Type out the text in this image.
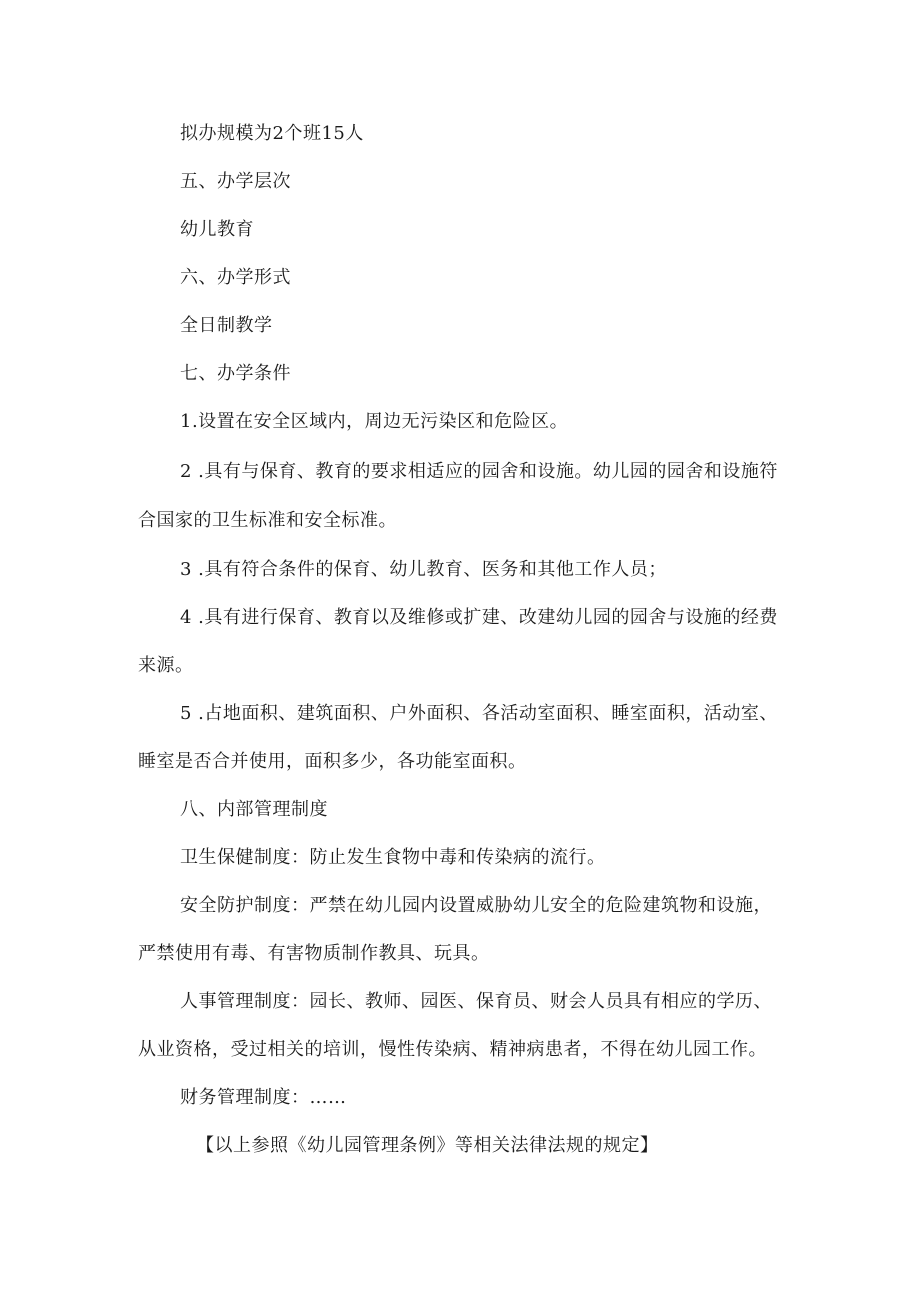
拟办规模为2个班15人
五、办学层次
幼儿教育
六、办学形式
全日制教学
七、办学条件
1.设置在安全区域内，周边无污染区和危险区。
2 .具有与保育、教育的要求相适应的园舍和设施。幼儿园的园舍和设施符
合国家的卫生标准和安全标准。
3 .具有符合条件的保育、幼儿教育、医务和其他工作人员；
4 .具有进行保育、教育以及维修或扩建、改建幼儿园的园舍与设施的经费
来源。
5 .占地面积、建筑面积、户外面积、各活动室面积、睡室面积，活动室、
睡室是否合并使用，面积多少，各功能室面积。
八、内部管理制度
卫生保健制度：防止发生食物中毒和传染病的流行。
安全防护制度：严禁在幼儿园内设置威胁幼儿安全的危险建筑物和设施，
严禁使用有毒、有害物质制作教具、玩具。
人事管理制度：园长、教师、园医、保育员、财会人员具有相应的学历、
从业资格，受过相关的培训，慢性传染病、精神病患者，不得在幼儿园工作。
财务管理制度：……
【以上参照《幼儿园管理条例》等相关法律法规的规定】
